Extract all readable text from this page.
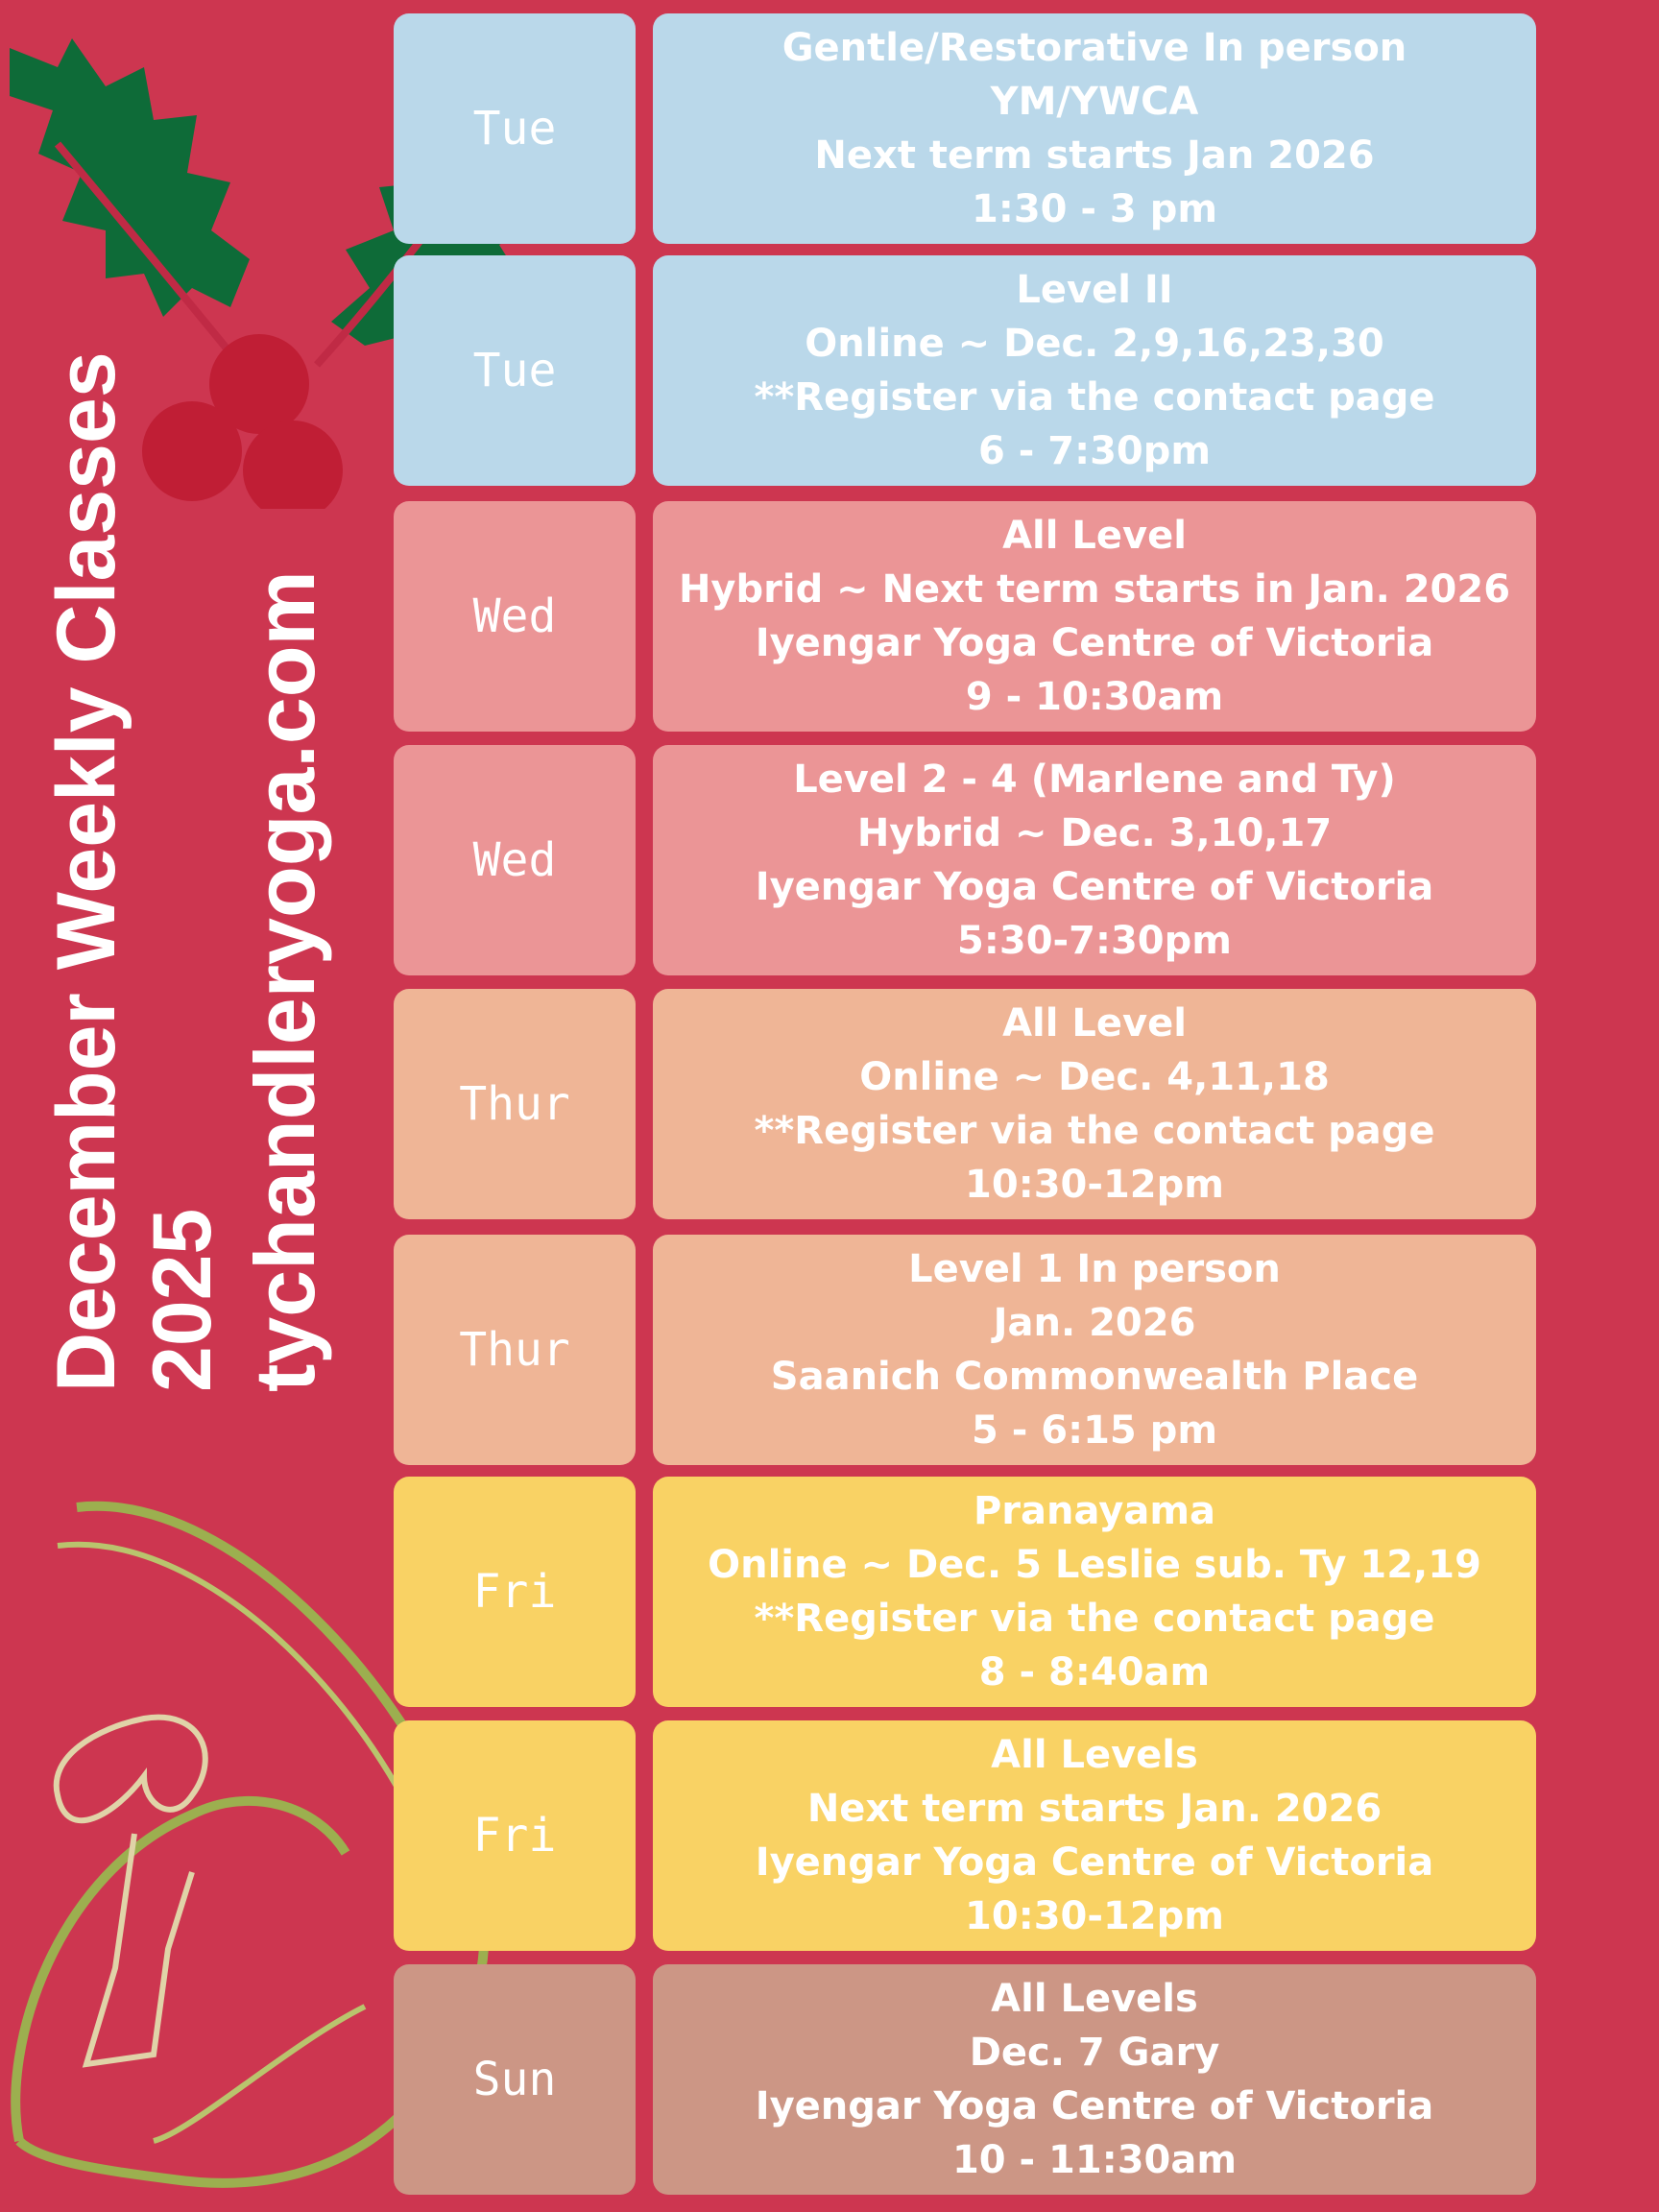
December Weekly Classes 2025 tychandleryoga.com
Tue
Gentle/Restorative In person
YM/YWCA
Next term starts Jan 2026
1:30 - 3 pm
Tue
Level II
Online ~ Dec. 2,9,16,23,30
**Register via the contact page
6 - 7:30pm
Wed
All Level
Hybrid ~ Next term starts in Jan. 2026
Iyengar Yoga Centre of Victoria
9 - 10:30am
Wed
Level 2 - 4 (Marlene and Ty)
Hybrid ~ Dec. 3,10,17
Iyengar Yoga Centre of Victoria
5:30-7:30pm
Thur
All Level
Online ~ Dec. 4,11,18
**Register via the contact page
10:30-12pm
Thur
Level 1 In person
Jan. 2026
Saanich Commonwealth Place
5 - 6:15 pm
Fri
Pranayama
Online ~ Dec. 5 Leslie sub. Ty 12,19
**Register via the contact page
8 - 8:40am
Fri
All Levels
Next term starts Jan. 2026
Iyengar Yoga Centre of Victoria
10:30-12pm
Sun
All Levels
Dec. 7 Gary
Iyengar Yoga Centre of Victoria
10 - 11:30am
